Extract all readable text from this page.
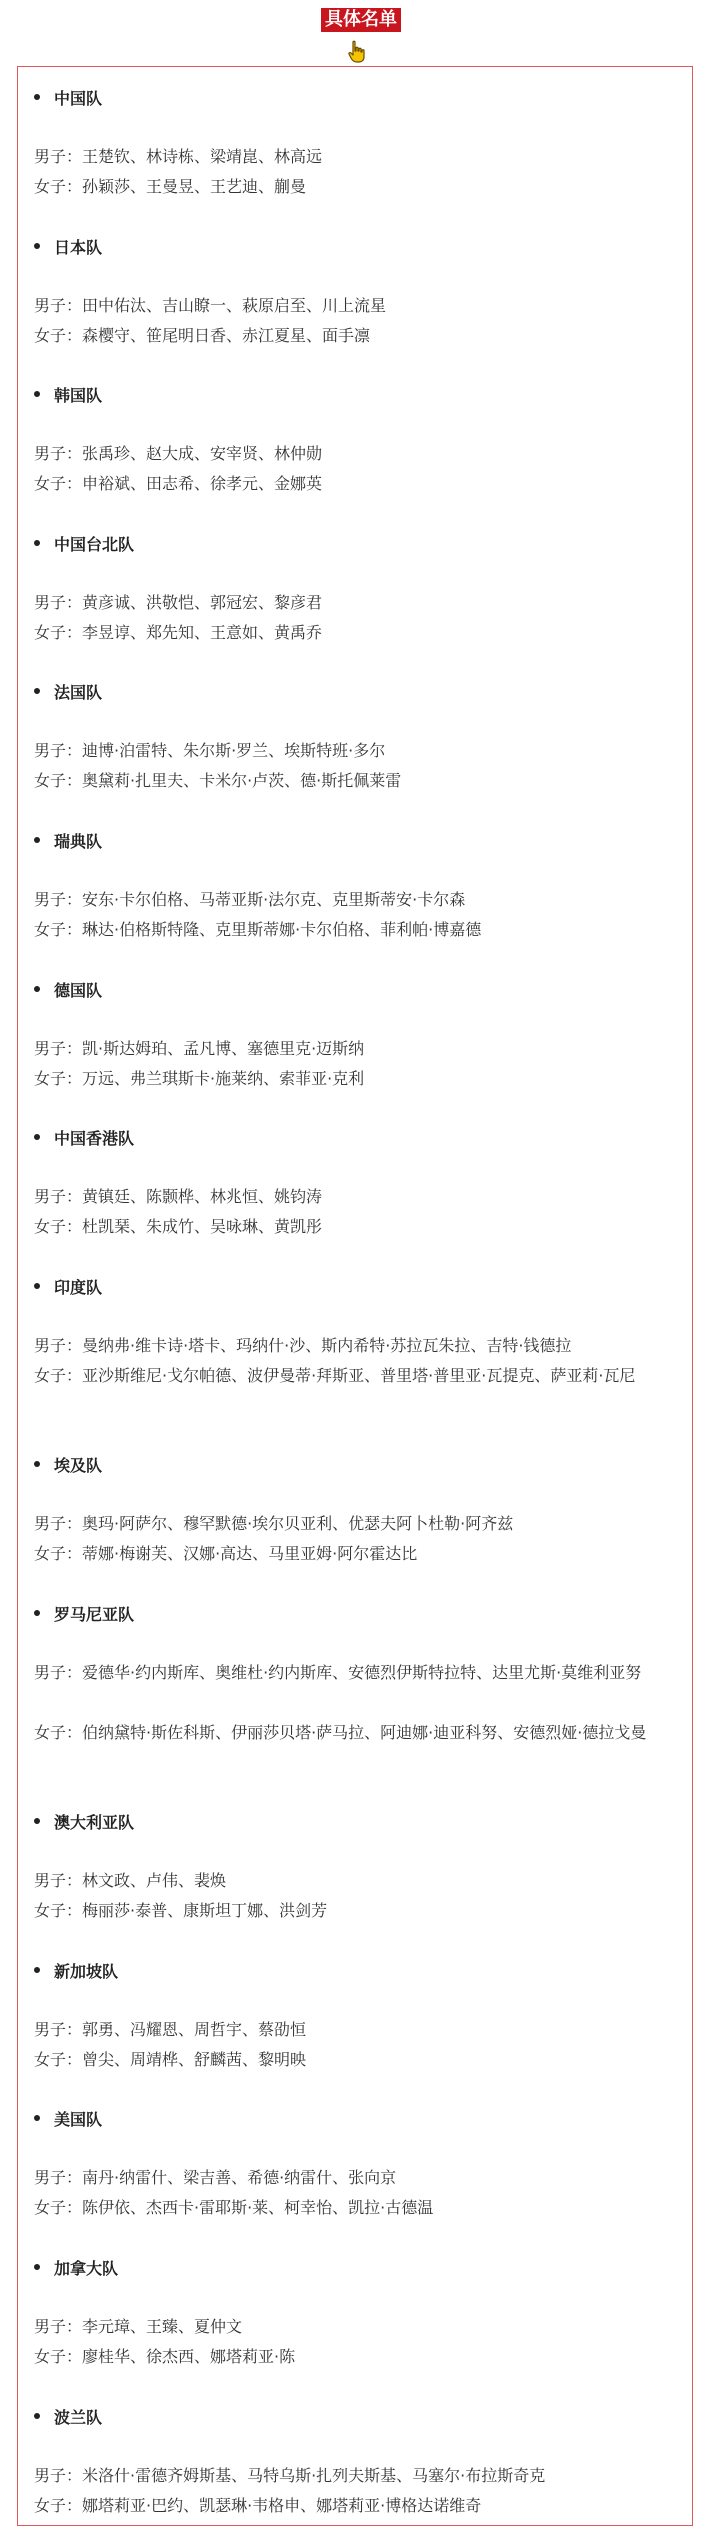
具体名单
中国队
男子：王楚钦、林诗栋、梁靖崑、林高远
女子：孙颖莎、王曼昱、王艺迪、蒯曼
日本队
男子：田中佑汰、吉山瞭一、萩原启至、川上流星
女子：森樱守、笹尾明日香、赤江夏星、面手凛
韩国队
男子：张禹珍、赵大成、安宰贤、林仲勋
女子：申裕斌、田志希、徐孝元、金娜英
中国台北队
男子：黄彦诚、洪敬恺、郭冠宏、黎彦君
女子：李昱谆、郑先知、王意如、黄禹乔
法国队
男子：迪博·泊雷特、朱尔斯·罗兰、埃斯特班·多尔
女子：奥黛莉·扎里夫、卡米尔·卢茨、德·斯托佩莱雷
瑞典队
男子：安东·卡尔伯格、马蒂亚斯·法尔克、克里斯蒂安·卡尔森
女子：琳达·伯格斯特隆、克里斯蒂娜·卡尔伯格、菲利帕·博嘉德
德国队
男子：凯·斯达姆珀、孟凡博、塞德里克·迈斯纳
女子：万远、弗兰琪斯卡·施莱纳、索菲亚·克利
中国香港队
男子：黄镇廷、陈颢桦、林兆恒、姚钧涛
女子：杜凯琹、朱成竹、吴咏琳、黄凯彤
印度队
男子：曼纳弗·维卡诗·塔卡、玛纳什·沙、斯内希特·苏拉瓦朱拉、吉特·钱德拉
女子：亚沙斯维尼·戈尔帕德、波伊曼蒂·拜斯亚、普里塔·普里亚·瓦提克、萨亚莉·瓦尼
埃及队
男子：奥玛·阿萨尔、穆罕默德·埃尔贝亚利、优瑟夫阿卜杜勒·阿齐兹
女子：蒂娜·梅谢芙、汉娜·高达、马里亚姆·阿尔霍达比
罗马尼亚队
男子：爱德华·约内斯库、奥维杜·约内斯库、安德烈伊斯特拉特、达里尤斯·莫维利亚努
女子：伯纳黛特·斯佐科斯、伊丽莎贝塔·萨马拉、阿迪娜·迪亚科努、安德烈娅·德拉戈曼
澳大利亚队
男子：林文政、卢伟、裴焕
女子：梅丽莎·泰普、康斯坦丁娜、洪剑芳
新加坡队
男子：郭勇、冯耀恩、周哲宇、蔡劭恒
女子：曾尖、周靖桦、舒麟茜、黎明映
美国队
男子：南丹·纳雷什、梁吉善、希德·纳雷什、张向京
女子：陈伊依、杰西卡·雷耶斯·莱、柯幸怡、凯拉·古德温
加拿大队
男子：李元璋、王臻、夏仲文
女子：廖桂华、徐杰西、娜塔莉亚·陈
波兰队
男子：米洛什·雷德齐姆斯基、马特乌斯·扎列夫斯基、马塞尔·布拉斯奇克
女子：娜塔莉亚·巴约、凯瑟琳·韦格申、娜塔莉亚·博格达诺维奇
